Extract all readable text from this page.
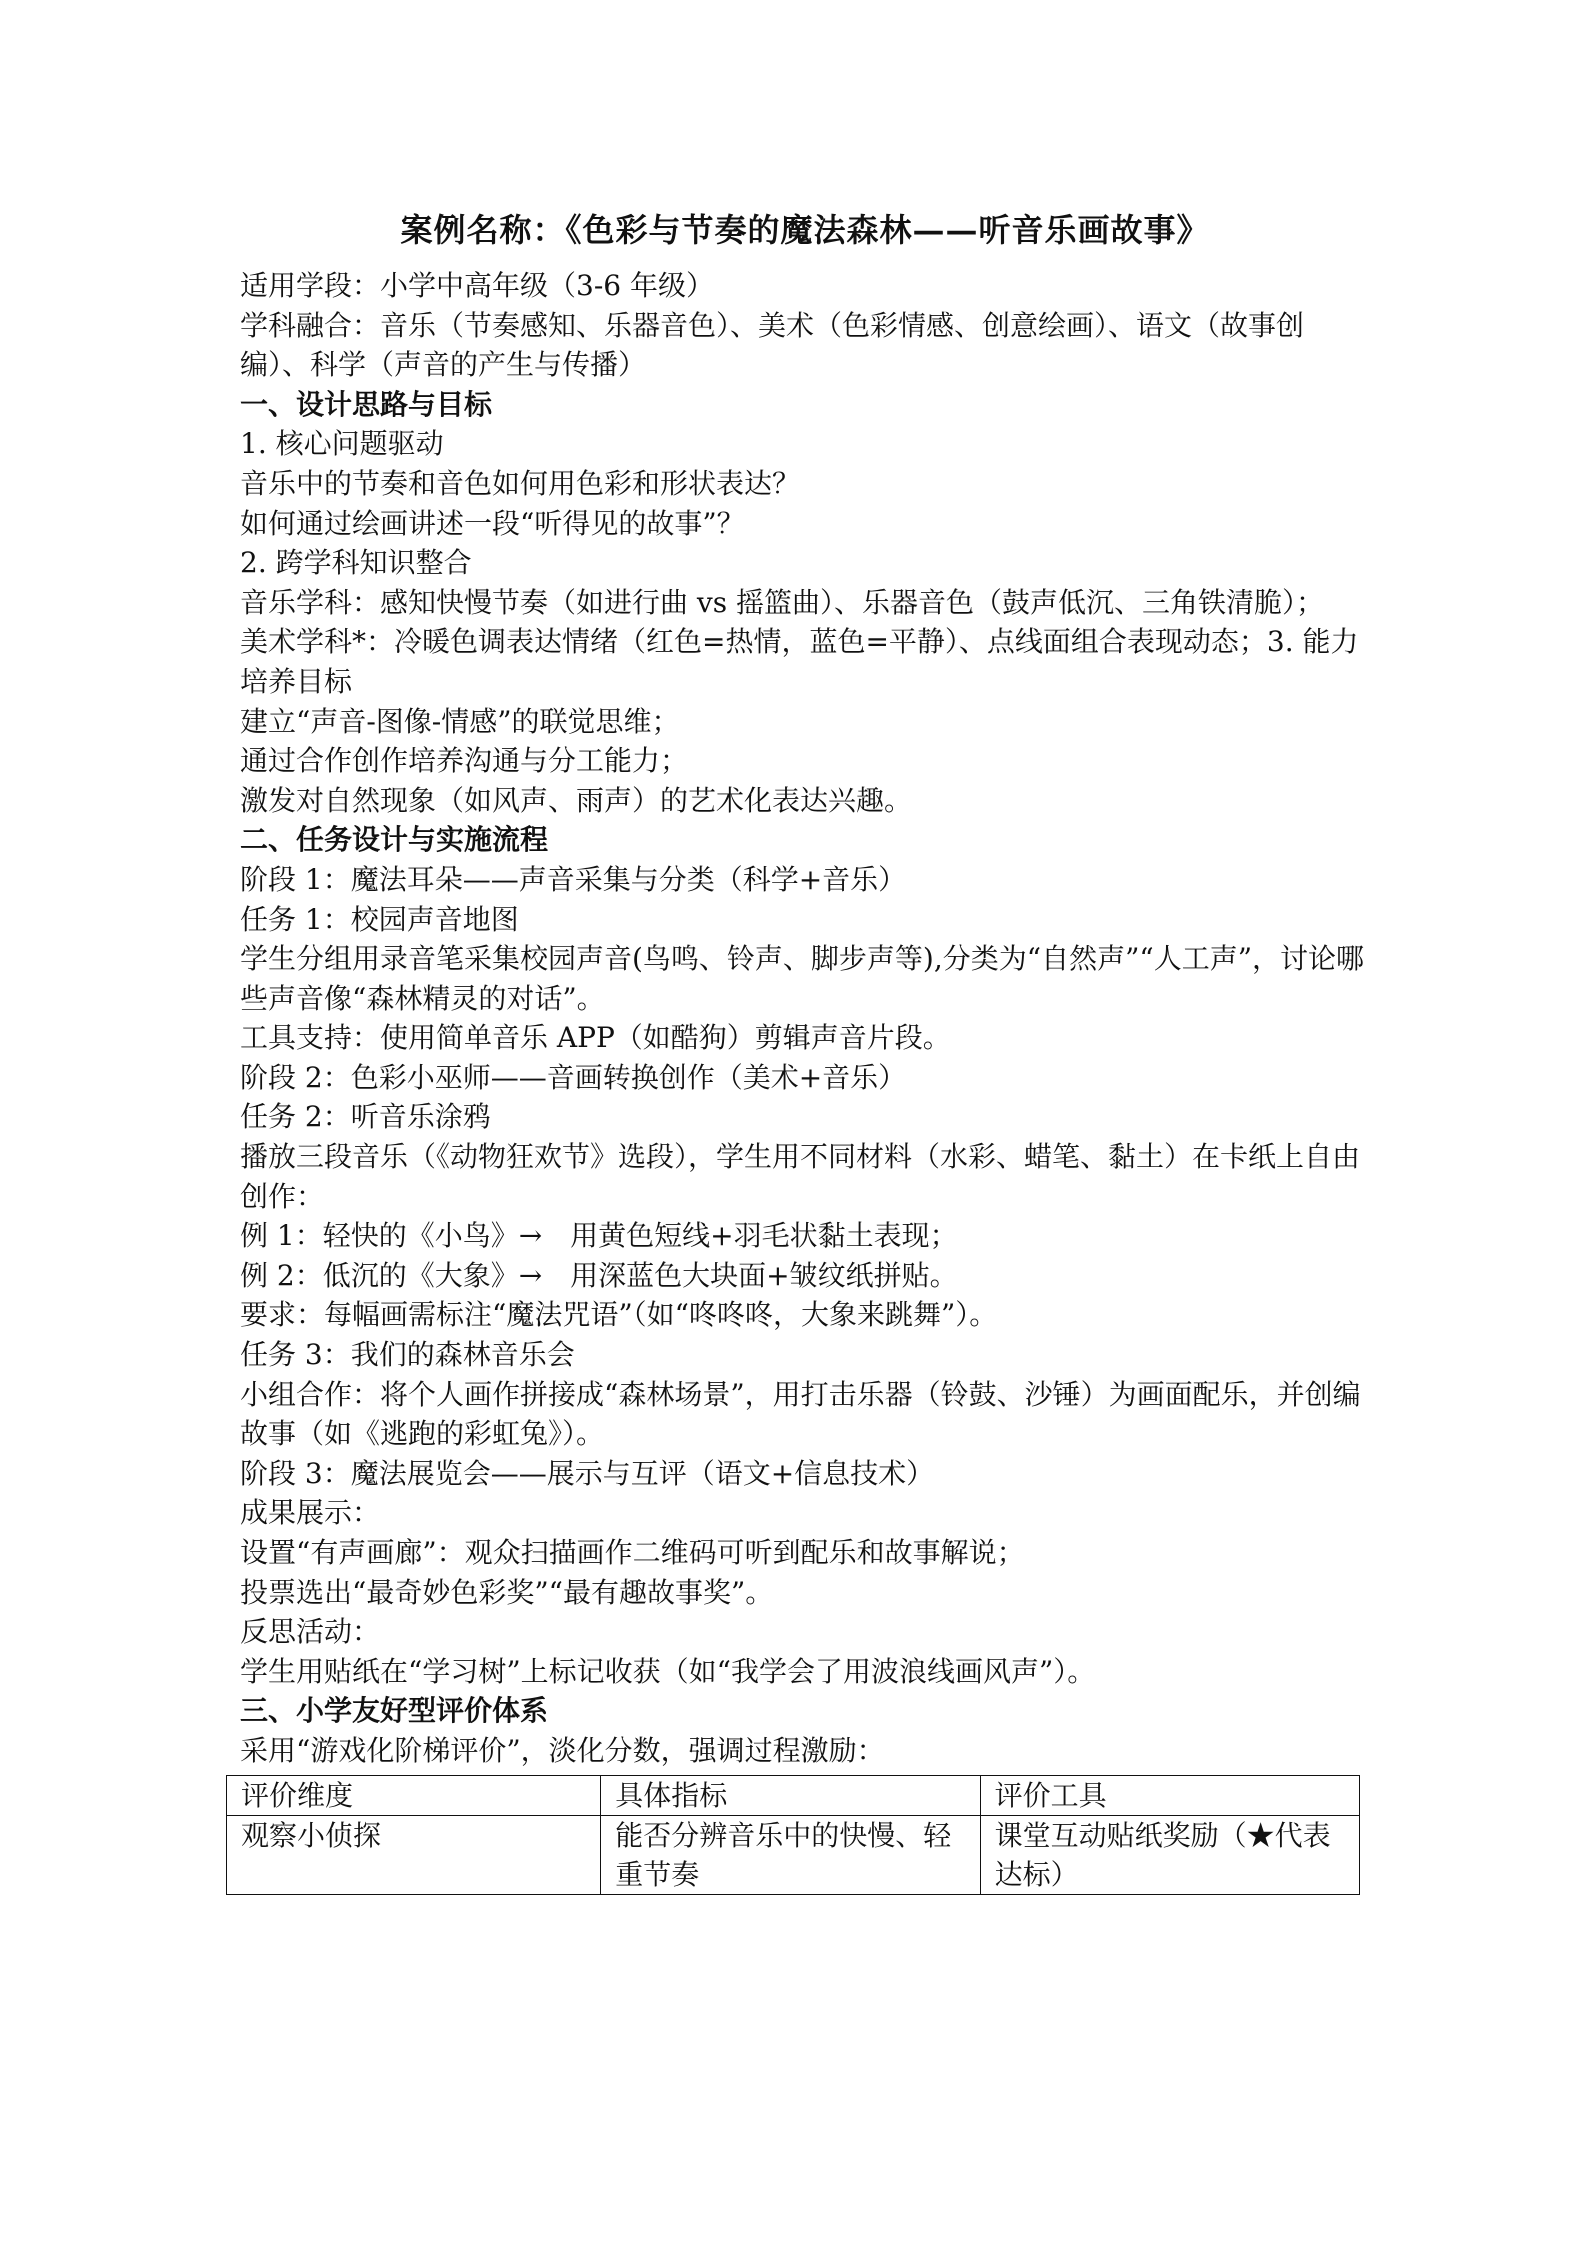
案例名称：《色彩与节奏的魔法森林——听音乐画故事》

适用学段：小学中高年级（3-6 年级）

学科融合：音乐（节奏感知、乐器音色）、美术（色彩情感、创意绘画）、语文（故事创编）、科学（声音的产生与传播）

一、设计思路与目标

1. 核心问题驱动

音乐中的节奏和音色如何用色彩和形状表达？

如何通过绘画讲述一段“听得见的故事”？

2. 跨学科知识整合

音乐学科：感知快慢节奏（如进行曲 vs 摇篮曲）、乐器音色（鼓声低沉、三角铁清脆）；

美术学科*：冷暖色调表达情绪（红色=热情，蓝色=平静）、点线面组合表现动态；3. 能力培养目标

建立“声音-图像-情感”的联觉思维；

通过合作创作培养沟通与分工能力；

激发对自然现象（如风声、雨声）的艺术化表达兴趣。

二、任务设计与实施流程

阶段 1：魔法耳朵——声音采集与分类（科学+音乐）

任务 1：校园声音地图

学生分组用录音笔采集校园声音(鸟鸣、铃声、脚步声等),分类为“自然声”“人工声”，讨论哪些声音像“森林精灵的对话”。

工具支持：使用简单音乐 APP（如酷狗）剪辑声音片段。

阶段 2：色彩小巫师——音画转换创作（美术+音乐）

任务 2：听音乐涂鸦

播放三段音乐（《动物狂欢节》选段），学生用不同材料（水彩、蜡笔、黏土）在卡纸上自由创作：

例 1：轻快的《小鸟》→　用黄色短线+羽毛状黏土表现；

例 2：低沉的《大象》→　用深蓝色大块面+皱纹纸拼贴。

要求：每幅画需标注“魔法咒语”（如“咚咚咚，大象来跳舞”）。

任务 3：我们的森林音乐会

小组合作：将个人画作拼接成“森林场景”，用打击乐器（铃鼓、沙锤）为画面配乐，并创编故事（如《逃跑的彩虹兔》）。

阶段 3：魔法展览会——展示与互评（语文+信息技术）

成果展示：

设置“有声画廊”：观众扫描画作二维码可听到配乐和故事解说；

投票选出“最奇妙色彩奖”“最有趣故事奖”。

反思活动：

学生用贴纸在“学习树”上标记收获（如“我学会了用波浪线画风声”）。

三、小学友好型评价体系

采用“游戏化阶梯评价”，淡化分数，强调过程激励：

评价维度	具体指标	评价工具
观察小侦探	能否分辨音乐中的快慢、轻重节奏	课堂互动贴纸奖励（★代表达标）
